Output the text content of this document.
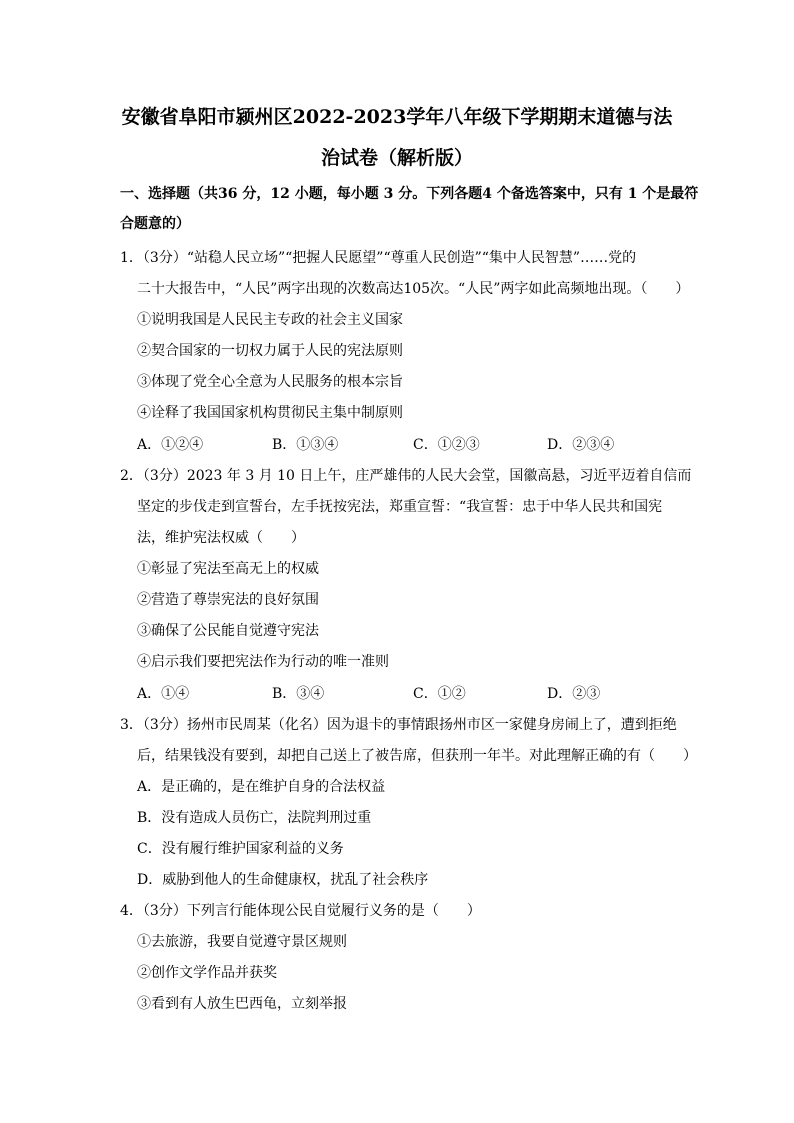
安徽省阜阳市颍州区2022-2023学年八年级下学期期末道德与法
治试卷（解析版）
一、选择题（共36 分，12 小题，每小题 3 分。下列各题4 个备选答案中，只有 1 个是最符
合题意的）
1．（3分）“站稳人民立场”“把握人民愿望”“尊重人民创造”“集中人民智慧”……党的
二十大报告中，“人民”两字出现的次数高达105次。“人民”两字如此高频地出现。（　　）
①说明我国是人民民主专政的社会主义国家
②契合国家的一切权力属于人民的宪法原则
③体现了党全心全意为人民服务的根本宗旨
④诠释了我国国家机构贯彻民主集中制原则
A．①②④	B．①③④	C．①②③	D．②③④
2．（3分）2023 年 3 月 10 日上午，庄严雄伟的人民大会堂，国徽高悬，习近平迈着自信而
坚定的步伐走到宣誓台，左手抚按宪法，郑重宣誓：“我宣誓：忠于中华人民共和国宪
法，维护宪法权威（　　）
①彰显了宪法至高无上的权威
②营造了尊崇宪法的良好氛围
③确保了公民能自觉遵守宪法
④启示我们要把宪法作为行动的唯一准则
A．①④	B．③④	C．①②	D．②③
3．（3分）扬州市民周某（化名）因为退卡的事情跟扬州市区一家健身房闹上了，遭到拒绝
后，结果钱没有要到，却把自己送上了被告席，但获刑一年半。对此理解正确的有（　　）
A．是正确的，是在维护自身的合法权益
B．没有造成人员伤亡，法院判刑过重
C．没有履行维护国家利益的义务
D．威胁到他人的生命健康权，扰乱了社会秩序
4．（3分）下列言行能体现公民自觉履行义务的是（　　）
①去旅游，我要自觉遵守景区规则
②创作文学作品并获奖
③看到有人放生巴西龟，立刻举报
